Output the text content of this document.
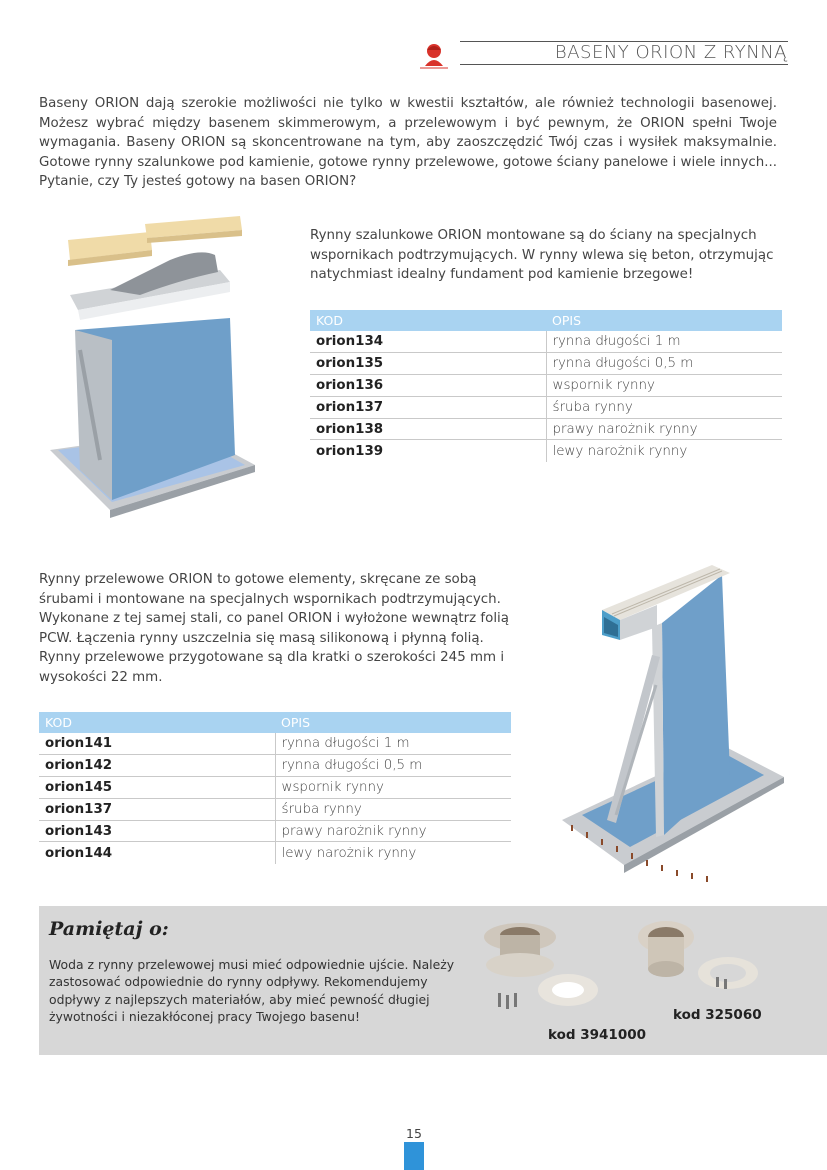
BASENY ORION Z RYNNĄ

Baseny ORION dają szerokie możliwości nie tylko w kwestii kształtów, ale również technologii basenowej. Możesz wybrać między basenem skimmerowym, a przelewowym i być pewnym, że ORION spełni Twoje wymagania. Baseny ORION są skoncentrowane na tym, aby zaoszczędzić Twój czas i wysiłek maksymalnie. Gotowe rynny szalunkowe pod kamienie, gotowe rynny przelewowe, gotowe ściany panelowe i wiele innych... Pytanie, czy Ty jesteś gotowy na basen ORION?

Rynny szalunkowe ORION montowane są do ściany na specjalnych wspornikach podtrzymujących. W rynny wlewa się beton, otrzymując natychmiast idealny fundament pod kamienie brzegowe!

KOD	OPIS
orion134	rynna długości 1 m
orion135	rynna długości 0,5 m
orion136	wspornik rynny
orion137	śruba rynny
orion138	prawy narożnik rynny
orion139	lewy narożnik rynny

Rynny przelewowe ORION to gotowe elementy, skręcane ze sobą śrubami i montowane na specjalnych wspornikach podtrzymujących. Wykonane z tej samej stali, co panel ORION i wyłożone wewnątrz folią PCW. Łączenia rynny uszczelnia się masą silikonową i płynną folią. Rynny przelewowe przygotowane są dla kratki o szerokości 245 mm i wysokości 22 mm.

KOD	OPIS
orion141	rynna długości 1 m
orion142	rynna długości 0,5 m
orion145	wspornik rynny
orion137	śruba rynny
orion143	prawy narożnik rynny
orion144	lewy narożnik rynny
Pamiętaj o:

Woda z rynny przelewowej musi mieć odpowiednie ujście. Należy zastosować odpowiednie do rynny odpływy. Rekomendujemy odpływy z najlepszych materiałów, aby mieć pewność długiej żywotności i niezakłóconej pracy Twojego basenu!

kod 3941000
kod 325060
15
